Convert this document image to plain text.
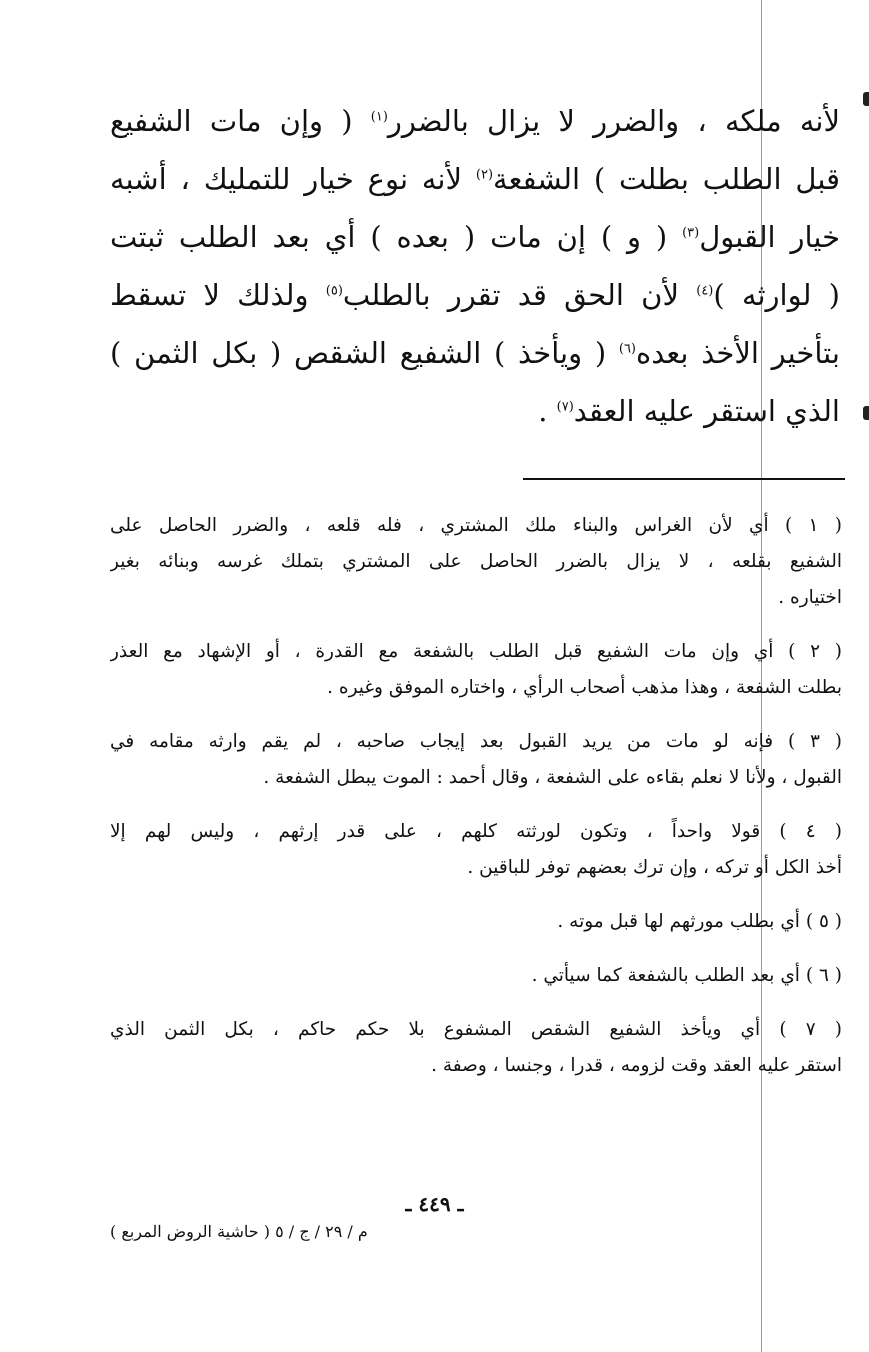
لأنه ملكه ، والضرر لا يزال بالضرر$^{(١)}$ ( وإن مات الشفيع
قبل الطلب بطلت ) الشفعة$^{(٢)}$ لأنه نوع خيار للتمليك ، أشبه
خيار القبول$^{(٣)}$ ( و ) إن مات ( بعده ) أي بعد الطلب ثبتت
( لوارثه )$^{(٤)}$ لأن الحق قد تقرر بالطلب$^{(٥)}$ ولذلك لا تسقط
بتأخير الأخذ بعده$^{(٦)}$ ( ويأخذ ) الشفيع الشقص ( بكل الثمن )
الذي استقر عليه العقد$^{(٧)}$ .
( ١ ) أي لأن الغراس والبناء ملك المشتري ، فله قلعه ، والضرر الحاصل على
الشفيع بقلعه ، لا يزال بالضرر الحاصل على المشتري بتملك غرسه وبنائه بغير
اختياره .
( ٢ ) أي وإن مات الشفيع قبل الطلب بالشفعة مع القدرة ، أو الإشهاد مع العذر
بطلت الشفعة ، وهذا مذهب أصحاب الرأي ، واختاره الموفق وغيره .
( ٣ ) فإنه لو مات من يريد القبول بعد إيجاب صاحبه ، لم يقم وارثه مقامه في
القبول ، ولأنا لا نعلم بقاءه على الشفعة ، وقال أحمد : الموت يبطل الشفعة .
( ٤ ) قولا واحداً ، وتكون لورثته كلهم ، على قدر إرثهم ، وليس لهم إلا
أخذ الكل أو تركه ، وإن ترك بعضهم توفر للباقين .
( ٥ ) أي بطلب مورثهم لها قبل موته .
( ٦ ) أي بعد الطلب بالشفعة كما سيأتي .
( ٧ ) أي ويأخذ الشفيع الشقص المشفوع بلا حكم حاكم ، بكل الثمن الذي
استقر عليه العقد وقت لزومه ، قدرا ، وجنسا ، وصفة .
ـ ٤٤٩ ـ
م / ٢٩ / ج / ٥ ( حاشية الروض المربع )
